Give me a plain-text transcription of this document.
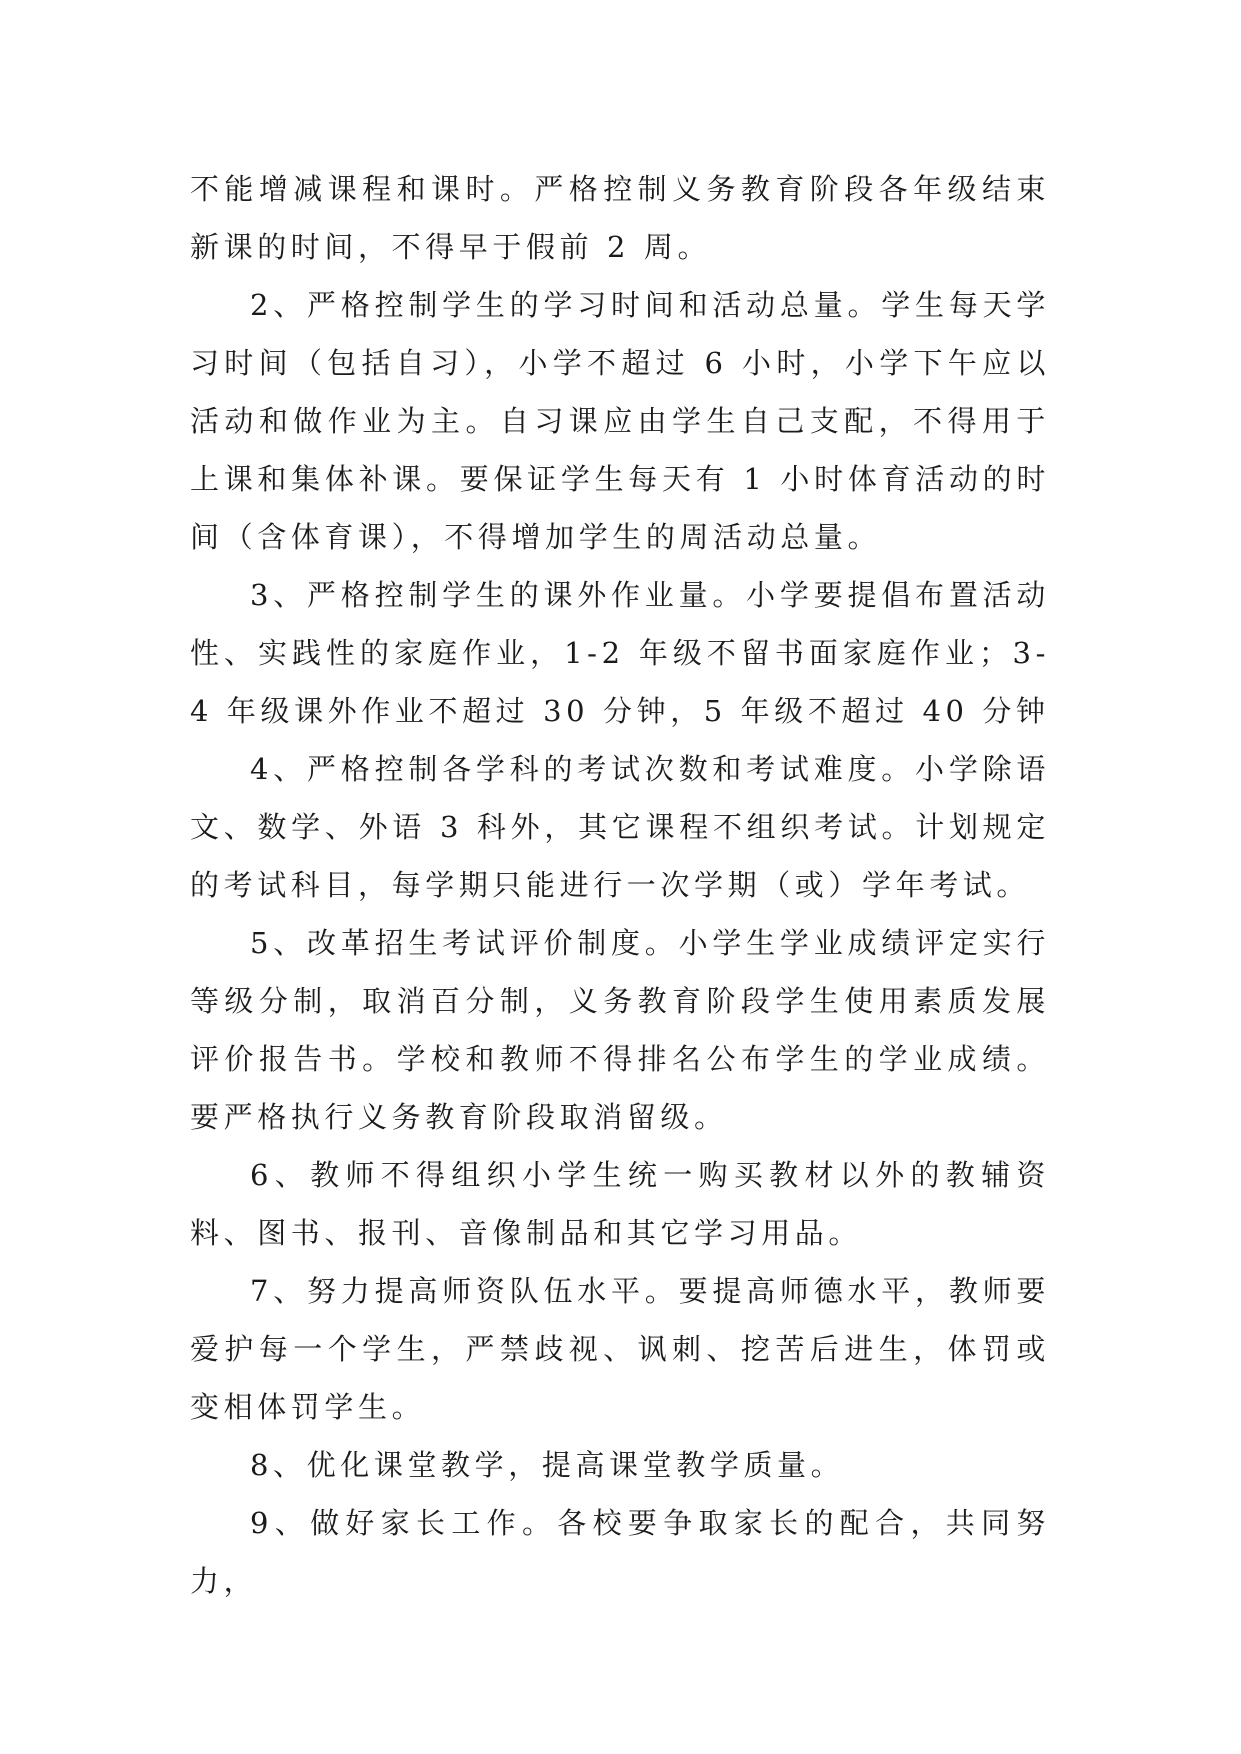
不能增减课程和课时。严格控制义务教育阶段各年级结束新课的时间，不得早于假前 2 周。

2、严格控制学生的学习时间和活动总量。学生每天学习时间（包括自习），小学不超过 6 小时，小学下午应以活动和做作业为主。自习课应由学生自己支配，不得用于上课和集体补课。要保证学生每天有 1 小时体育活动的时间（含体育课），不得增加学生的周活动总量。

3、严格控制学生的课外作业量。小学要提倡布置活动性、实践性的家庭作业，1-2 年级不留书面家庭作业；3-4 年级课外作业不超过 30 分钟，5 年级不超过 40 分钟

4、严格控制各学科的考试次数和考试难度。小学除语文、数学、外语 3 科外，其它课程不组织考试。计划规定的考试科目，每学期只能进行一次学期（或）学年考试。

5、改革招生考试评价制度。小学生学业成绩评定实行等级分制，取消百分制，义务教育阶段学生使用素质发展评价报告书。学校和教师不得排名公布学生的学业成绩。要严格执行义务教育阶段取消留级。

6、教师不得组织小学生统一购买教材以外的教辅资料、图书、报刊、音像制品和其它学习用品。

7、努力提高师资队伍水平。要提高师德水平，教师要爱护每一个学生，严禁歧视、讽刺、挖苦后进生，体罚或变相体罚学生。

8、优化课堂教学，提高课堂教学质量。

9、做好家长工作。各校要争取家长的配合，共同努力，
